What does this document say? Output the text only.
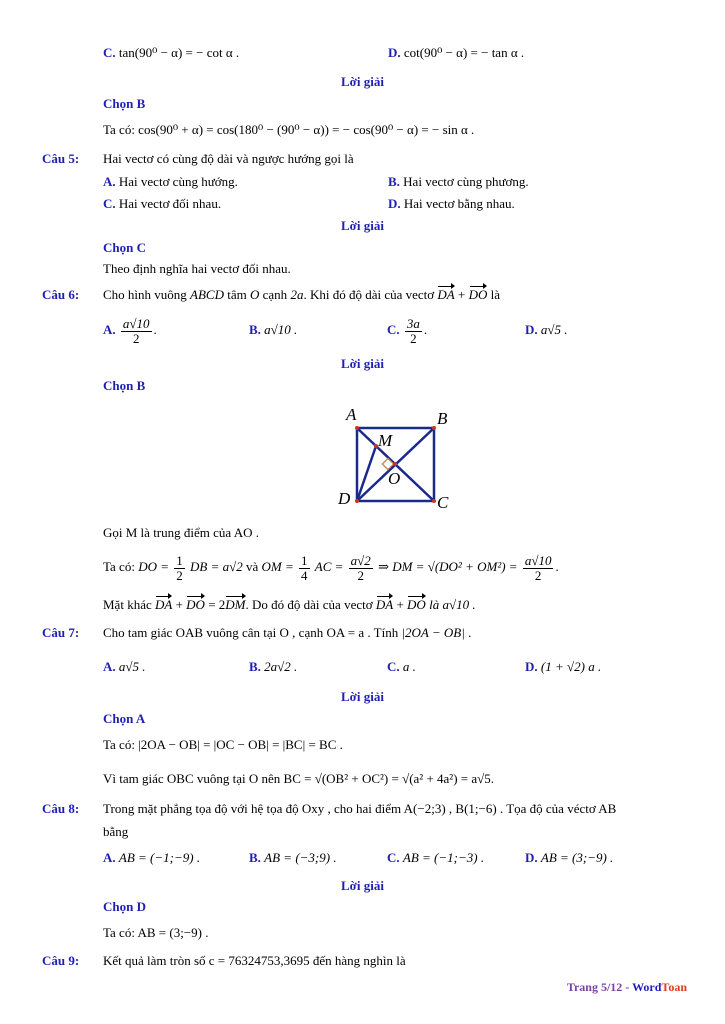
C. tan(90⁰ − α) = − cot α .	D. cot(90⁰ − α) = − tan α .
Lời giải
Chọn B
Ta có: cos(90⁰ + α) = cos(180⁰ − (90⁰ − α)) = − cos(90⁰ − α) = − sin α .
Câu 5: Hai vectơ có cùng độ dài và ngược hướng gọi là
A. Hai vectơ cùng hướng.	B. Hai vectơ cùng phương.
C. Hai vectơ đối nhau.	D. Hai vectơ bằng nhau.
Lời giải
Chọn C
Theo định nghĩa hai vectơ đối nhau.
Câu 6: Cho hình vuông ABCD tâm O cạnh 2a. Khi đó độ dài của vectơ DA + DO là
A. $\frac{a√10}{2}$ .	B. a√10 .	C. $\frac{3a}{2}$ .	D. a√5 .
Lời giải
Chọn B
A	B
C
D
M
O
Gọi M là trung điểm của AO .
Ta có: DO = $\frac{1}{2}$ DB = a√2 và OM = $\frac{1}{4}$ AC = $\frac{a√2}{2}$ ⇒ DM = $√(DO^2 + OM^2) = \frac{a√10}{2}$ .
Mặt khác DA + DO = 2DM. Do đó độ dài của vectơ DA + DO là a√10 .
Câu 7: Cho tam giác OAB vuông cân tại O , cạnh OA = a . Tính |2OA − OB| .
A. a√5 .	B. 2a√2 .	C. a .	D. (1 + √2) a .
Lời giải
Chọn A
Ta có: |2OA − OB| = |OC − OB| = |BC| = BC .
Vì tam giác OBC vuông tại O nên BC = √(OB² + OC²) = √(a² + 4a²) = a√5.
Câu 8: Trong mặt phẳng tọa độ với hệ tọa độ Oxy , cho hai điểm A(−2;3) , B(1;−6) . Tọa độ của véctơ AB
bằng
A. AB = (−1;−9) .	B. AB = (−3;9) .	C. AB = (−1;−3) .	D. AB = (3;−9) .
Lời giải
Chọn D
Ta có: AB = (3;−9) .
Câu 9: Kết quả làm tròn số c = 76324753,3695 đến hàng nghìn là
Trang 5/12 - WordToan
